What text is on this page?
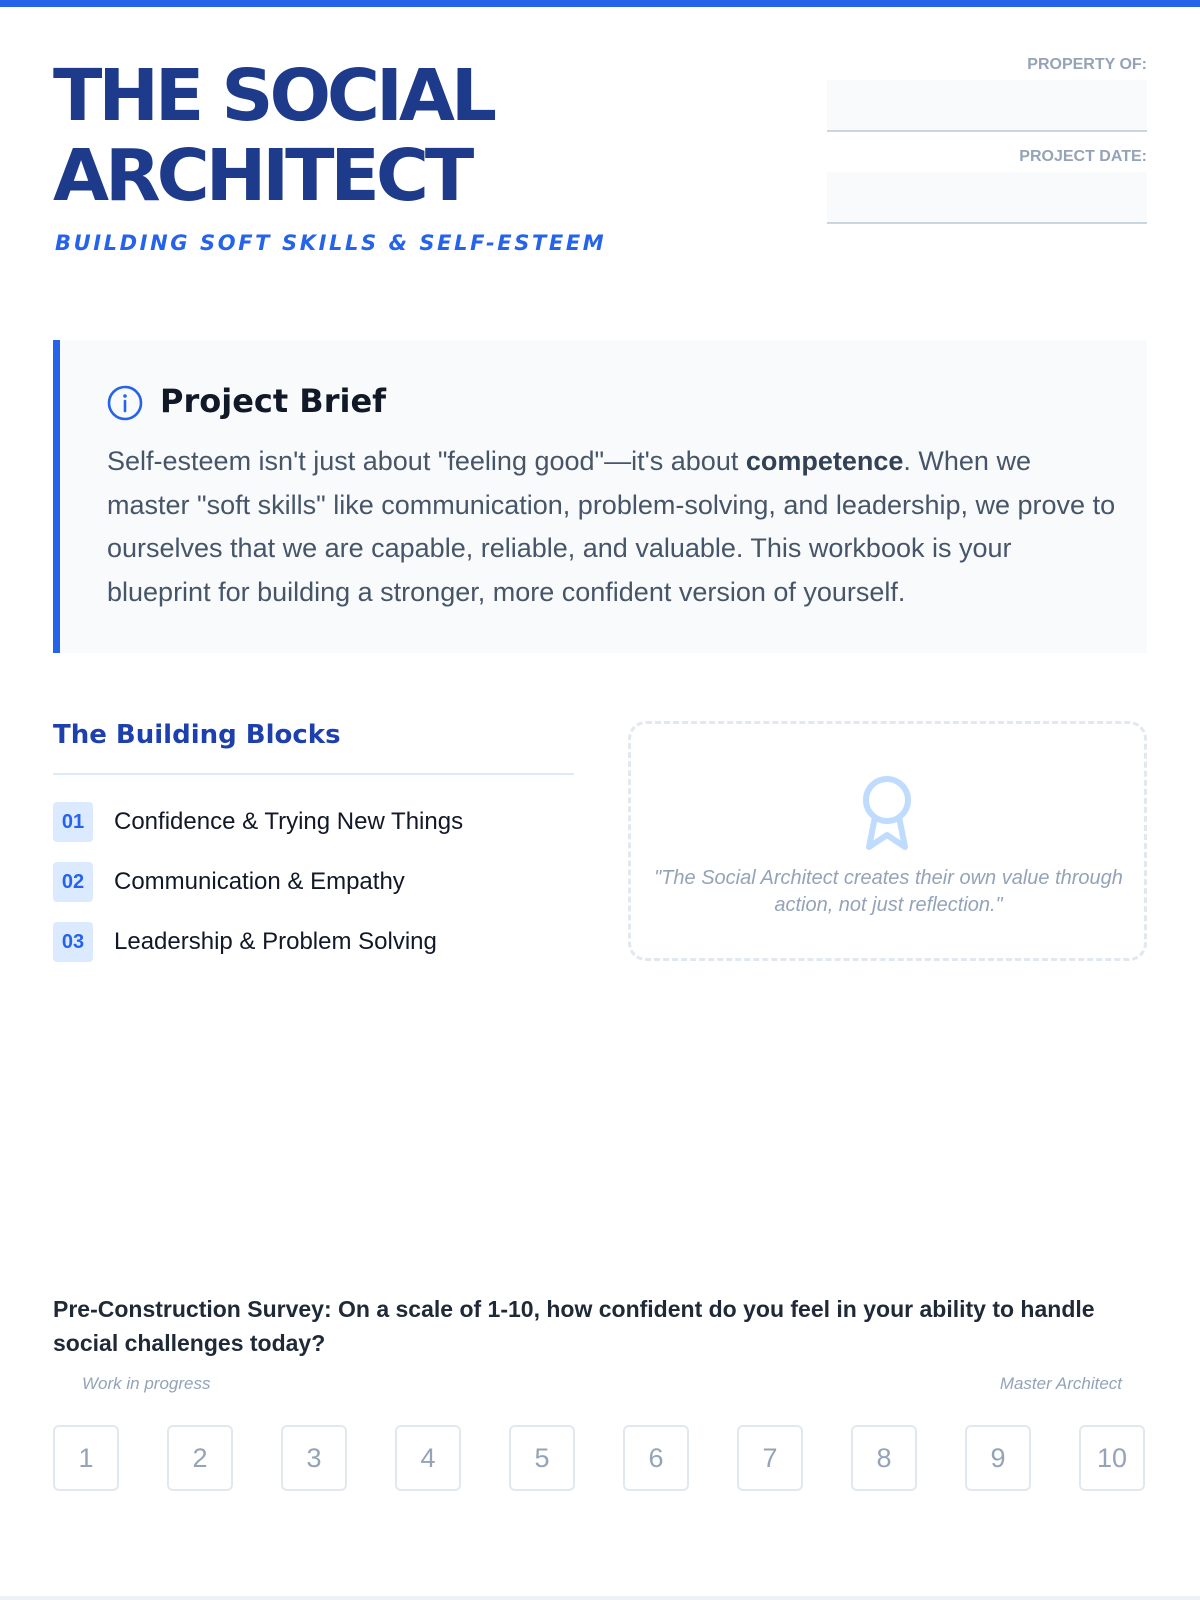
THE SOCIAL
ARCHITECT
BUILDING SOFT SKILLS & SELF-ESTEEM
PROPERTY OF:
PROJECT DATE:
Project Brief

Self-esteem isn't just about "feeling good"—it's about competence. When we master "soft skills" like communication, problem-solving, and leadership, we prove to ourselves that we are capable, reliable, and valuable. This workbook is your blueprint for building a stronger, more confident version of yourself.

The Building Blocks
01	Confidence & Trying New Things
02	Communication & Empathy
03	Leadership & Problem Solving

"The Social Architect creates their own value through action, not just reflection."

Pre-Construction Survey: On a scale of 1-10, how confident do you feel in your ability to handle social challenges today?

Work in progress	Master Architect
1	2	3	4	5	6	7	8	9	10
